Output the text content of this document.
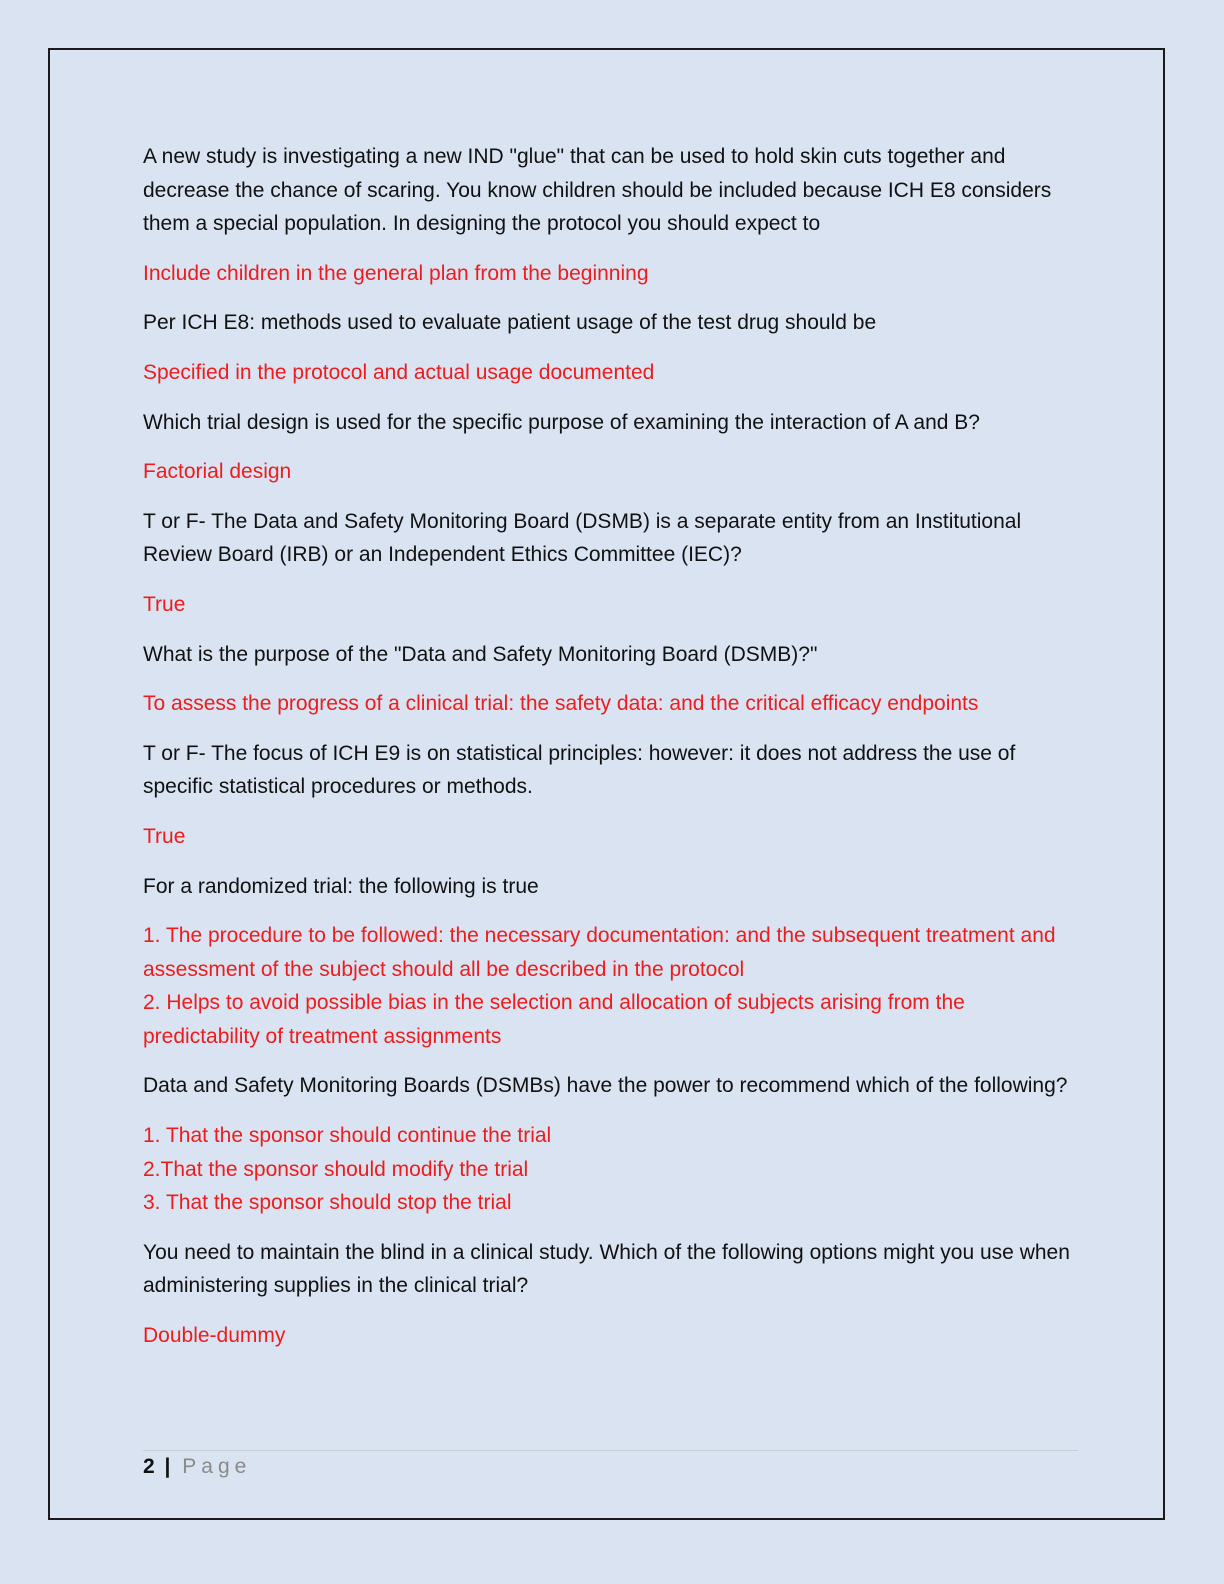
A new study is investigating a new IND "glue" that can be used to hold skin cuts together and decrease the chance of scaring. You know children should be included because ICH E8 considers them a special population. In designing the protocol you should expect to

Include children in the general plan from the beginning

Per ICH E8: methods used to evaluate patient usage of the test drug should be

Specified in the protocol and actual usage documented

Which trial design is used for the specific purpose of examining the interaction of A and B?

Factorial design

T or F- The Data and Safety Monitoring Board (DSMB) is a separate entity from an Institutional Review Board (IRB) or an Independent Ethics Committee (IEC)?

True

What is the purpose of the "Data and Safety Monitoring Board (DSMB)?"

To assess the progress of a clinical trial: the safety data: and the critical efficacy endpoints

T or F- The focus of ICH E9 is on statistical principles: however: it does not address the use of specific statistical procedures or methods.

True

For a randomized trial: the following is true

1. The procedure to be followed: the necessary documentation: and the subsequent treatment and assessment of the subject should all be described in the protocol
2. Helps to avoid possible bias in the selection and allocation of subjects arising from the predictability of treatment assignments

Data and Safety Monitoring Boards (DSMBs) have the power to recommend which of the following?

1. That the sponsor should continue the trial
2.That the sponsor should modify the trial
3. That the sponsor should stop the trial

You need to maintain the blind in a clinical study. Which of the following options might you use when administering supplies in the clinical trial?

Double-dummy

2 | Page
